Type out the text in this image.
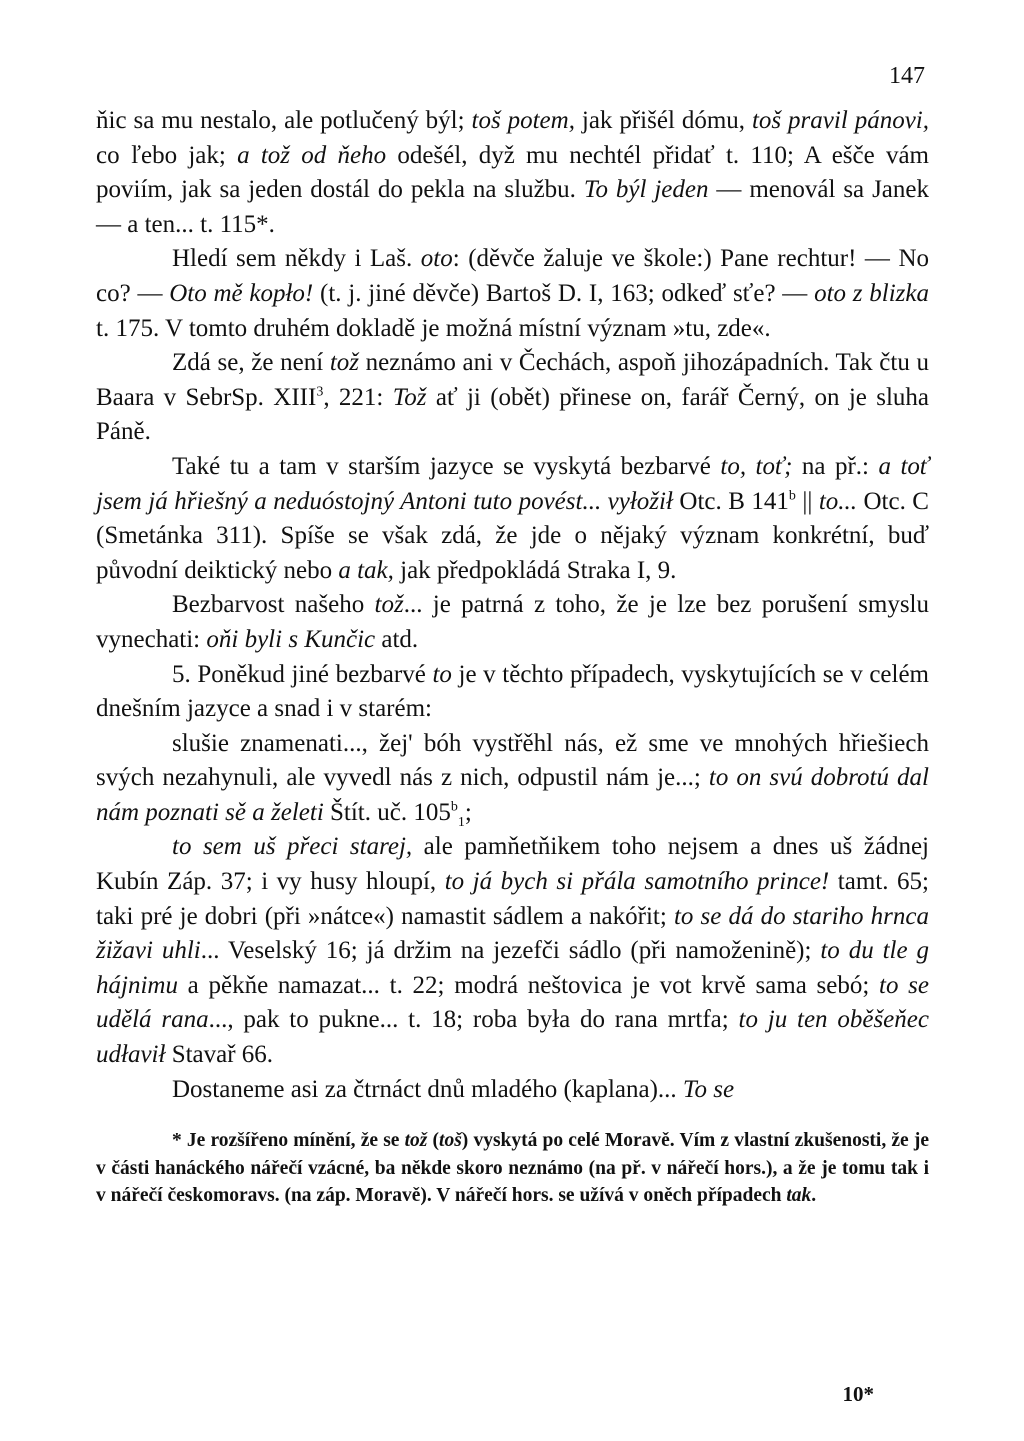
147

ňic sa mu nestalo, ale potlučený býl; toš potem, jak přišél dómu, toš pravil pánovi, co ľebo jak; a tož od ňeho odešél, dyž mu nechtél přidať t. 110; A ešče vám poviím, jak sa jeden dostál do pekla na službu. To býl jeden — menovál sa Janek — a ten... t. 115*.

Hledí sem někdy i Laš. oto: (děvče žaluje ve škole:) Pane rechtur! — No co? — Oto mě kopło! (t. j. jiné děvče) Bartoš D. I, 163; odkeď sťe? — oto z blizka t. 175. V tomto druhém dokladě je možná místní význam »tu, zde«.

Zdá se, že není tož neznámo ani v Čechách, aspoň jihozápadních. Tak čtu u Baara v SebrSp. XIII$^3$, 221: Tož ať ji (obět) přinese on, farář Černý, on je sluha Páně.

Také tu a tam v starším jazyce se vyskytá bezbarvé to, toť; na př.: a toť jsem já hřiešný a neduóstojný Antoni tuto povést... vyłožił Otc. B 141$^b$ || to... Otc. C (Smetánka 311). Spíše se však zdá, že jde o nějaký význam konkrétní, buď původní deiktický nebo a tak, jak předpokládá Straka I, 9.

Bezbarvost našeho tož... je patrná z toho, že je lze bez porušení smyslu vynechati: oňi byli s Kunčic atd.

5. Poněkud jiné bezbarvé to je v těchto případech, vyskytujících se v celém dnešním jazyce a snad i v starém:

slušie znamenati..., žej' bóh vystřěhl nás, ež sme ve mnohých hřiešiech svých nezahynuli, ale vyvedl nás z nich, odpustil nám je...; to on svú dobrotú dal nám poznati sě a želeti Štít. uč. $105^b_1$;

to sem uš přeci starej, ale pamňetňikem toho nejsem a dnes uš žádnej Kubín Záp. 37; i vy husy hloupí, to já bych si přála samotního prince! tamt. 65; taki pré je dobri (při »nátce«) namastit sádlem a nakóřit; to se dá do stariho hrnca žižavi uhli... Veselský 16; já držim na jezefči sádlo (při namoženině); to du tle g hájnimu a pěkňe namazat... t. 22; modrá neštovica je vot krvě sama sebó; to se udělá rana..., pak to pukne... t. 18; roba była do rana mrtfa; to ju ten oběšeňec udłavił Stavař 66.

Dostaneme asi za čtrnáct dnů mladého (kaplana)... To se

* Je rozšířeno mínění, že se tož (toš) vyskytá po celé Moravě. Vím z vlastní zkušenosti, že je v části hanáckého nářečí vzácné, ba někde skoro neznámo (na př. v nářečí hors.), a že je tomu tak i v nářečí českomoravs. (na záp. Moravě). V nářečí hors. se užívá v oněch případech tak.

10*
